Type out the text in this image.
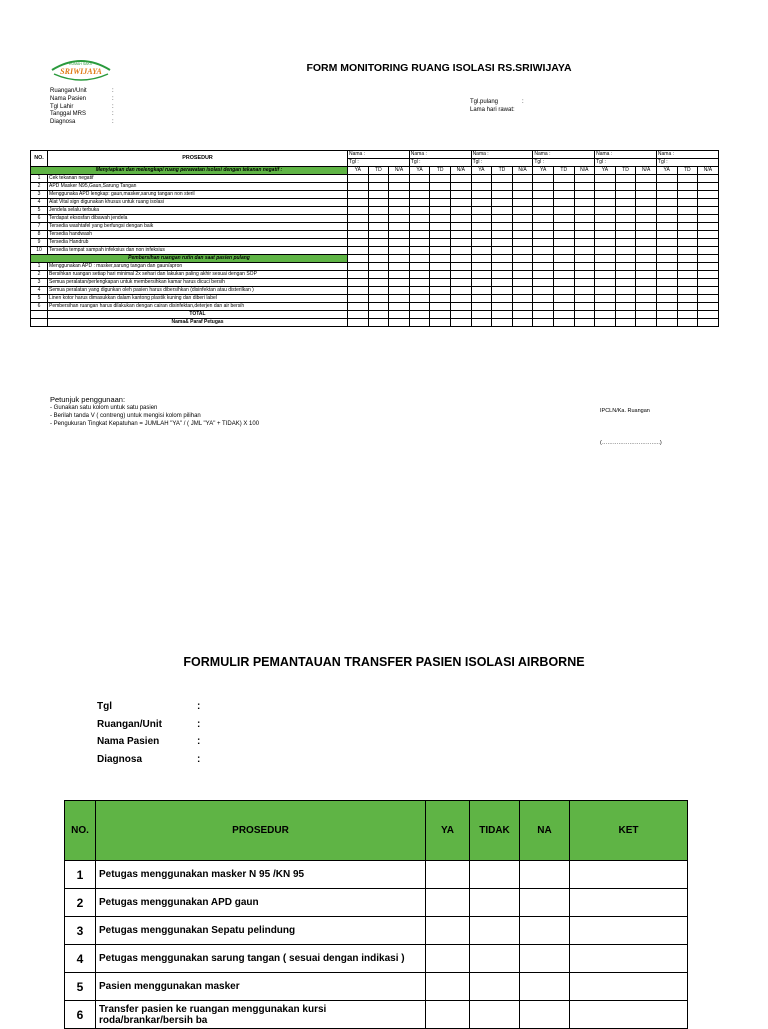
RUMAH SAKIT
SRIWIJAYA	FORM MONITORING RUANG ISOLASI RS.SRIWIJAYA
Ruangan/Unit	:
Nama Pasien	:
Tgl Lahir	:
Tanggal MRS	:
Diagnosa	:
Tgl.pulang	:
Lama hari rawat :
NO.	PROSEDUR	Nama :			Nama :			Nama :			Nama :			Nama :			Nama :		
		Tgl :			Tgl :			Tgl :			Tgl :			Tgl :			Tgl :		
Menyiapkan dan melengkapi ruang perawatan isolasi dengan tekanan negatif :		YA	TD	N/A	YA	TD	N/A	YA	TD	N/A	YA	TD	N/A	YA	TD	N/A	YA	TD	N/A
1	Cek tekanan negatif																		
2	APD Masker N95,Gaun,Sarung Tangan																		
3	Menggunaka APD lengkap: gaun,masker,sarung tangan non steril																		
4	Alat Vital sign digunakan khusus untuk ruang isolasi																		
5	Jendela selalu terbuka																		
6	Terdapat eksosfan dibawah jendela																		
7	Tersedia washtafel yang berfungsi dengan baik																		
8	Tersedia handwash																		
9	Tersedia Handrub																		
10	Tersedia tempat sampah infeksius dan non infeksius																		
Pembersihan ruangan rutin dan saat pasien pulang																			
1	Menggunakan APD : masker,sarung tangan dan gaun/apron																		
2	Bersihkan ruangan setiap hari minimal 2x sehari dan lakukan paling akhir sesuai dengan SOP																		
3	Semua peralatan/perlengkapan untuk membersihkan kamar harus dicuci bersih																		
4	Semua peralatan yang digunkan oleh pasien harus dibersihkan (disinfektan atau disterilkan )																		
5	Linen kotor harus dimasukkan dalam kantong plastik kuning dan diberi label																		
6	Pembersihan ruangan harus dilakukan dengan cairan disinfektan,deterjen dan air bersih																		
	TOTAL																		
	Nama& Paraf Petugas																		
Petunjuk penggunaan:
- Gunakan satu kolom untuk satu pasien
- Berilah tanda V ( contreng) untuk mengisi kolom pilihan
- Pengukuran Tingkat Kepatuhan = JUMLAH "YA" / ( JML "YA" + TIDAK) X 100
IPCLN/Ka. Ruangan
(…………………………..)
FORMULIR PEMANTAUAN TRANSFER PASIEN ISOLASI AIRBORNE
Tgl	:
Ruangan/Unit	:
Nama Pasien	:
Diagnosa	:
NO.	PROSEDUR	YA	TIDAK	NA	KET
1	Petugas menggunakan masker N 95 /KN 95				
2	Petugas menggunakan APD gaun				
3	Petugas menggunakan Sepatu pelindung				
4	Petugas menggunakan sarung tangan ( sesuai dengan indikasi )				
5	Pasien menggunakan masker				
6	Transfer pasien ke ruangan menggunakan kursi roda/brankar/bersih ba				
